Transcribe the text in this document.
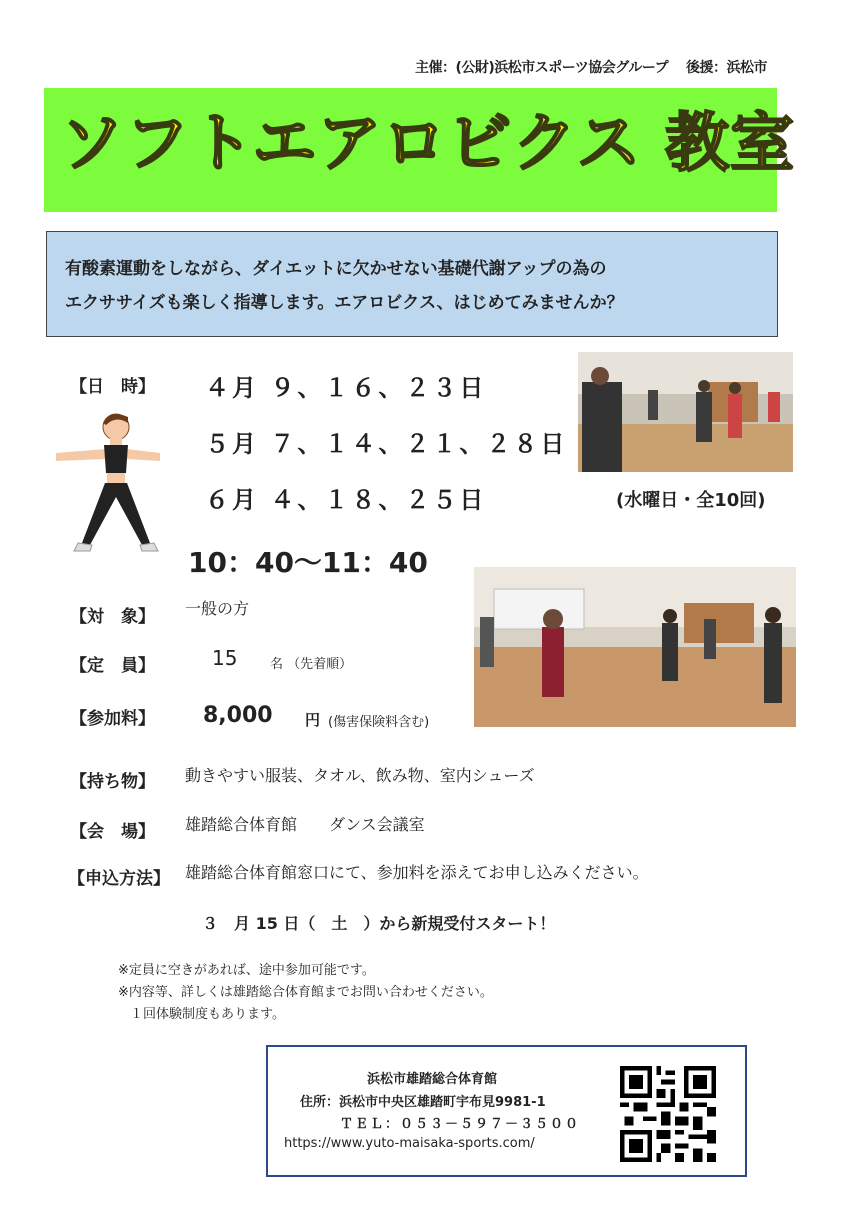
主催：(公財)浜松市スポーツ協会グループ　 後援：浜松市
ソフトエアロビクス 教室
有酸素運動をしながら、ダイエットに欠かせない基礎代謝アップの為の
エクササイズも楽しく指導します。エアロビクス、はじめてみませんか？
【日　時】 ４月 ９、１６、２３日
５月 ７、１４、２１、２８日
６月 ４、１８、２５日	(水曜日・全10回)
10：40～11：40
【対　象】 一般の方
【定　員】	15	名 （先着順）
【参加料】 8,000 円 (傷害保険料含む)
【持ち物】 動きやすい服装、タオル、飲み物、室内シューズ
【会　場】 雄踏総合体育館　　ダンス会議室
【申込方法】 雄踏総合体育館窓口にて、参加料を添えてお申し込みください。
３　月 15 日（　土　）から新規受付スタート！
※定員に空きがあれば、途中参加可能です。
※内容等、詳しくは雄踏総合体育館までお問い合わせください。
１回体験制度もあります。
浜松市雄踏総合体育館
住所：浜松市中央区雄踏町宇布見9981-1
ＴＥＬ：０５３－５９７－３５００
https://www.yuto-maisaka-sports.com/
